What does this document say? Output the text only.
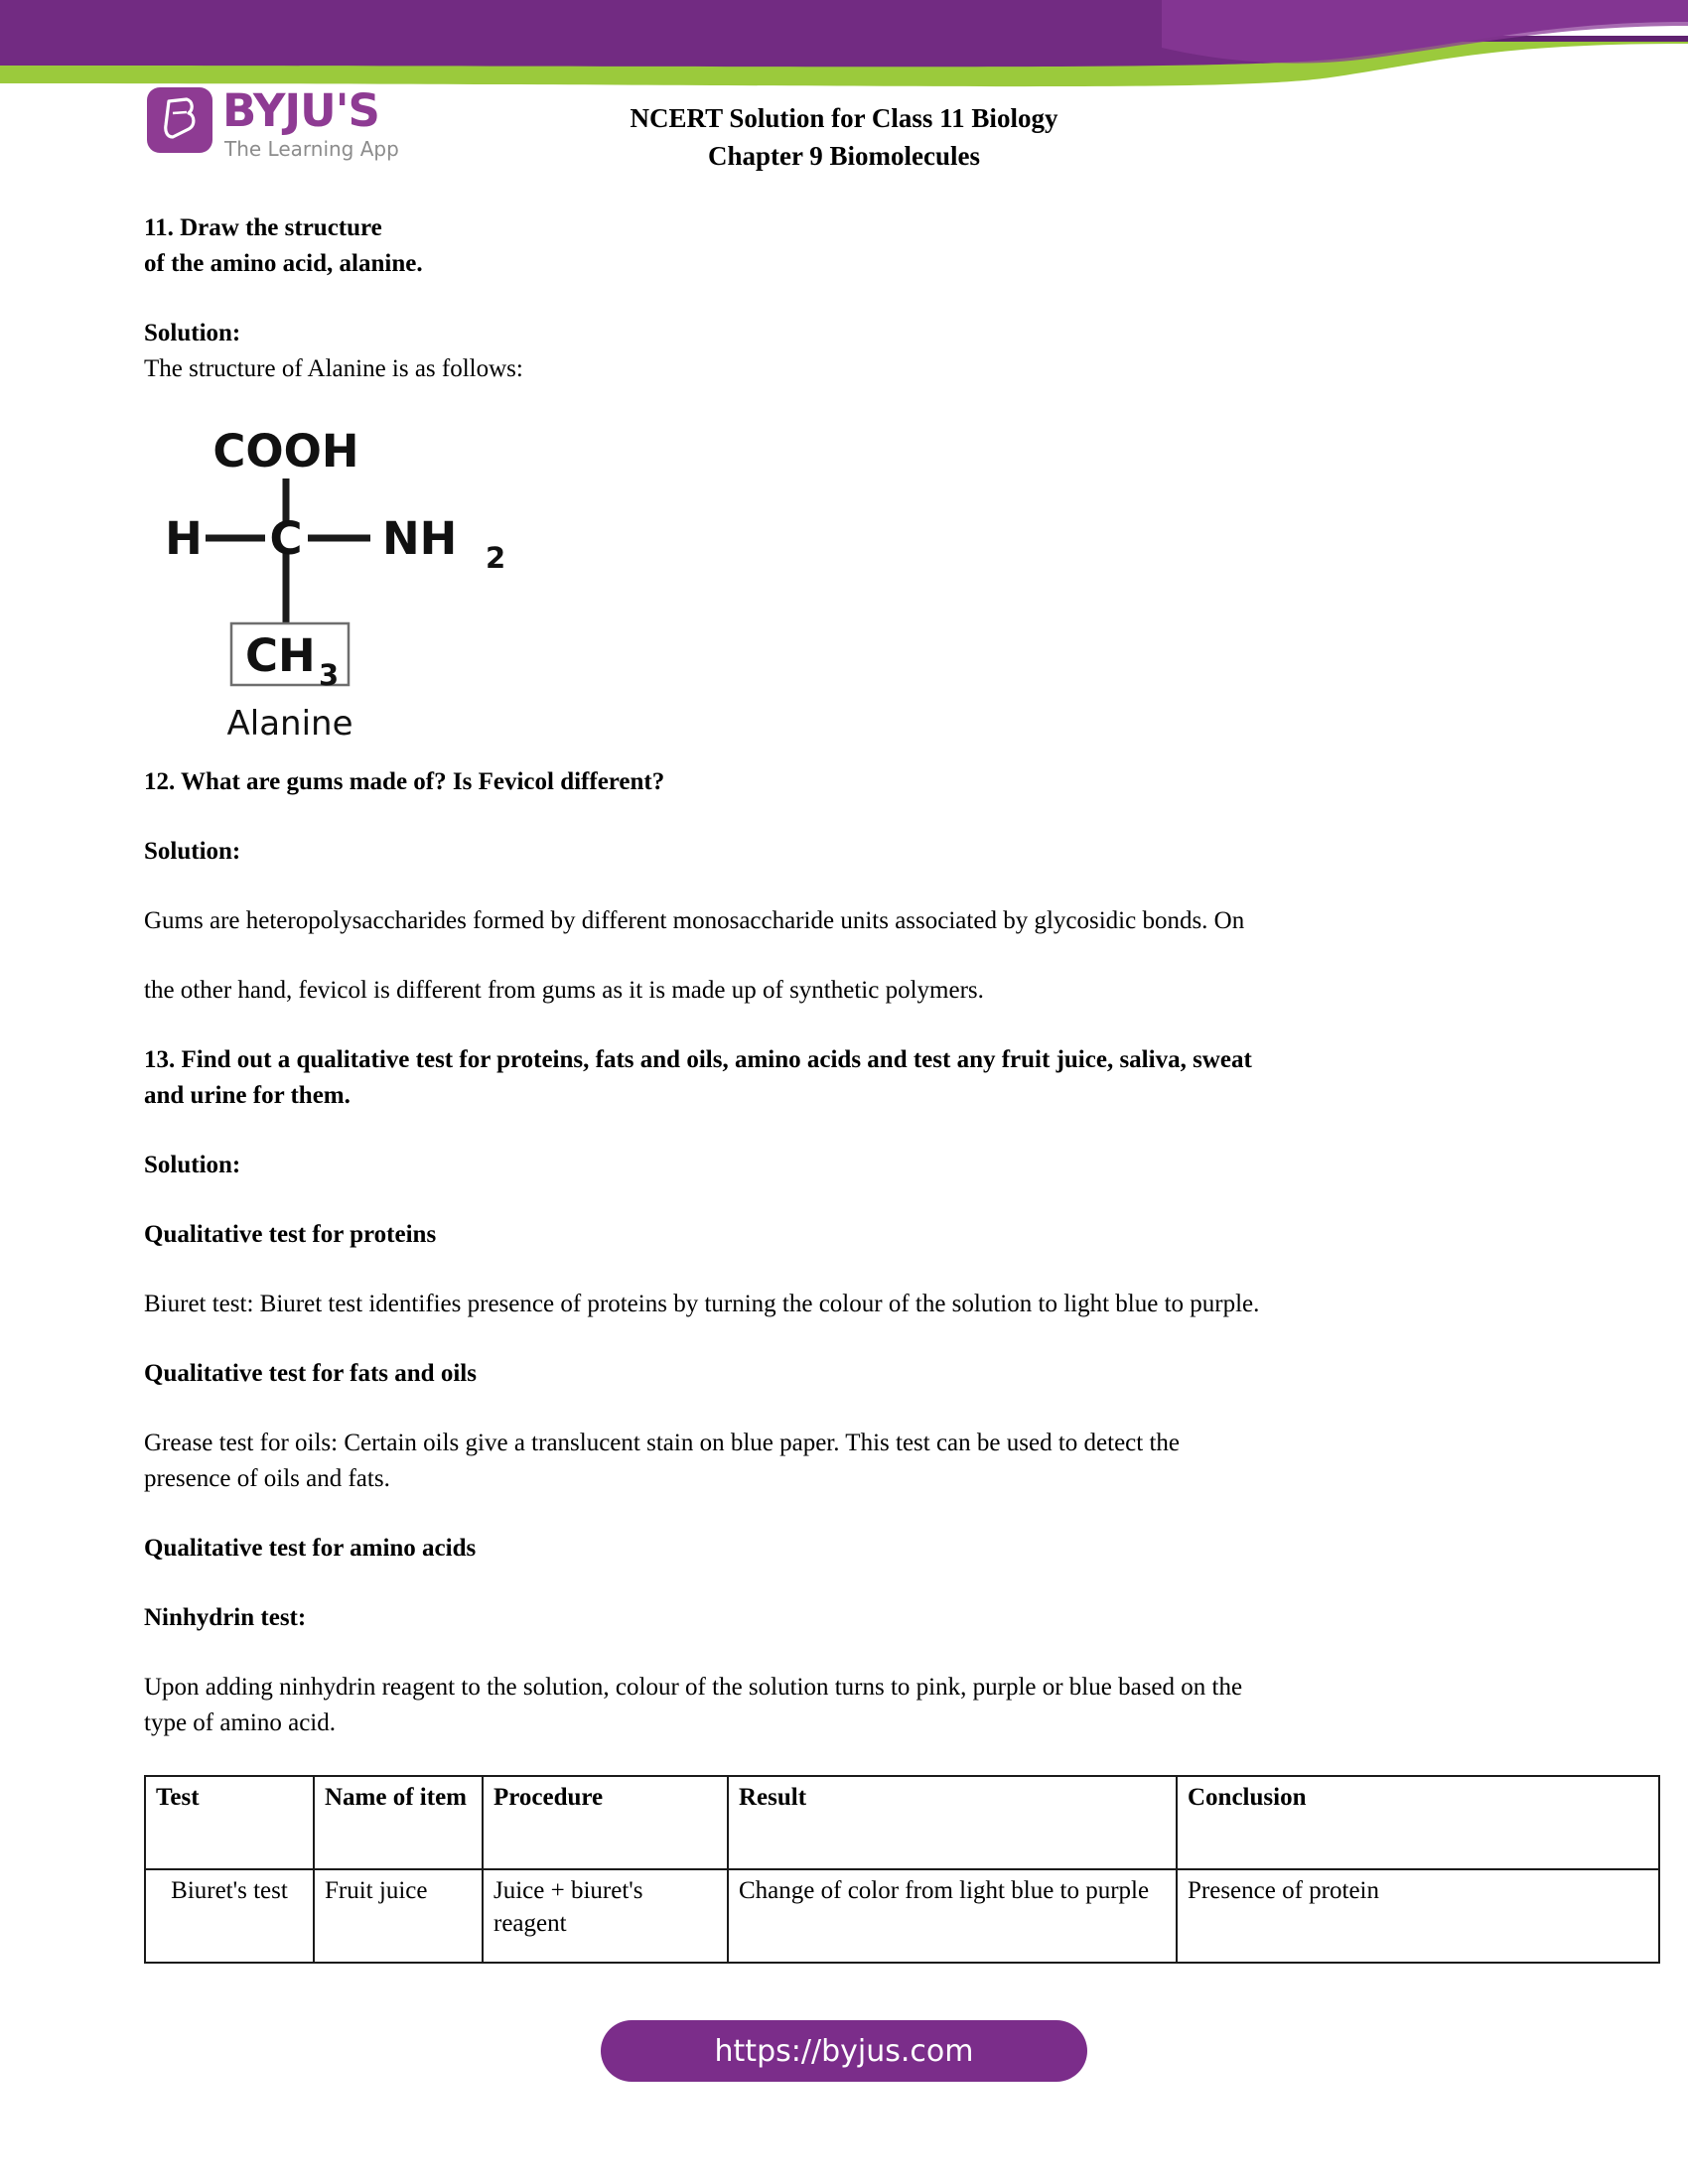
BYJU'S
The Learning App
NCERT Solution for Class 11 Biology
Chapter 9 Biomolecules

11. Draw the structure

of the amino acid, alanine.

Solution:

The structure of Alanine is as follows:

COOH
H C NH 2
CH 3
Alanine

12. What are gums made of? Is Fevicol different?

Solution:

Gums are heteropolysaccharides formed by different monosaccharide units associated by glycosidic bonds. On

the other hand, fevicol is different from gums as it is made up of synthetic polymers.

13. Find out a qualitative test for proteins, fats and oils, amino acids and test any fruit juice, saliva, sweat

and urine for them.

Solution:

Qualitative test for proteins

Biuret test: Biuret test identifies presence of proteins by turning the colour of the solution to light blue to purple.

Qualitative test for fats and oils

Grease test for oils: Certain oils give a translucent stain on blue paper. This test can be used to detect the

presence of oils and fats.

Qualitative test for amino acids

Ninhydrin test:

Upon adding ninhydrin reagent to the solution, colour of the solution turns to pink, purple or blue based on the

type of amino acid.

Test	Name of item	Procedure	Result	Conclusion
Biuret's test	Fruit juice	Juice + biuret's reagent	Change of color from light blue to purple	Presence of protein
https://byjus.com
